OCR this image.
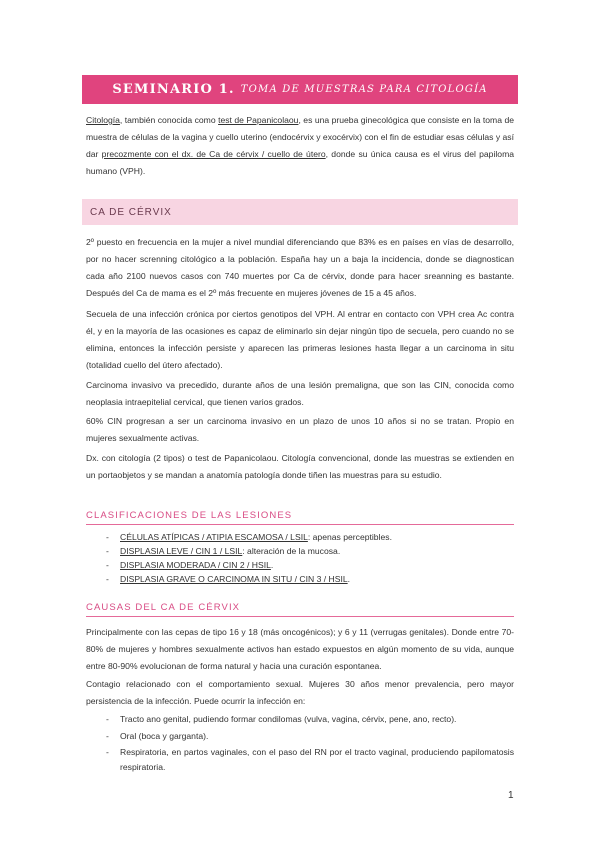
SEMINARIO 1. TOMA DE MUESTRAS PARA CITOLOGÍA
Citología, también conocida como test de Papanicolaou, es una prueba ginecológica que consiste en la toma de muestra de células de la vagina y cuello uterino (endocérvix y exocérvix) con el fin de estudiar esas células y así dar precozmente con el dx. de Ca de cérvix / cuello de útero, donde su única causa es el virus del papiloma humano (VPH).
CA DE CÉRVIX
2º puesto en frecuencia en la mujer a nivel mundial diferenciando que 83% es en países en vías de desarrollo, por no hacer screnning citológico a la población. España hay un a baja la incidencia, donde se diagnostican cada año 2100 nuevos casos con 740 muertes por Ca de cérvix, donde para hacer sreanning es bastante. Después del Ca de mama es el 2º más frecuente en mujeres jóvenes de 15 a 45 años.
Secuela de una infección crónica por ciertos genotipos del VPH. Al entrar en contacto con VPH crea Ac contra él, y en la mayoría de las ocasiones es capaz de eliminarlo sin dejar ningún tipo de secuela, pero cuando no se elimina, entonces la infección persiste y aparecen las primeras lesiones hasta llegar a un carcinoma in situ (totalidad cuello del útero afectado).
Carcinoma invasivo va precedido, durante años de una lesión premaligna, que son las CIN, conocida como neoplasia intraepitelial cervical, que tienen varios grados.
60% CIN progresan a ser un carcinoma invasivo en un plazo de unos 10 años si no se tratan. Propio en mujeres sexualmente activas.
Dx. con citología (2 tipos) o test de Papanicolaou. Citología convencional, donde las muestras se extienden en un portaobjetos y se mandan a anatomía patología donde tiñen las muestras para su estudio.
CLASIFICACIONES DE LAS LESIONES
- CÉLULAS ATÍPICAS / ATIPIA ESCAMOSA / LSIL: apenas perceptibles.
- DISPLASIA LEVE / CIN 1 / LSIL: alteración de la mucosa.
- DISPLASIA MODERADA / CIN 2 / HSIL.
- DISPLASIA GRAVE O CARCINOMA IN SITU / CIN 3 / HSIL.
CAUSAS DEL CA DE CÉRVIX
Principalmente con las cepas de tipo 16 y 18 (más oncogénicos); y 6 y 11 (verrugas genitales). Donde entre 70-80% de mujeres y hombres sexualmente activos han estado expuestos en algún momento de su vida, aunque entre 80-90% evolucionan de forma natural y hacia una curación espontanea.
Contagio relacionado con el comportamiento sexual. Mujeres 30 años menor prevalencia, pero mayor persistencia de la infección. Puede ocurrir la infección en:
- Tracto ano genital, pudiendo formar condilomas (vulva, vagina, cérvix, pene, ano, recto).
- Oral (boca y garganta).
- Respiratoria, en partos vaginales, con el paso del RN por el tracto vaginal, produciendo papilomatosis respiratoria.
1
